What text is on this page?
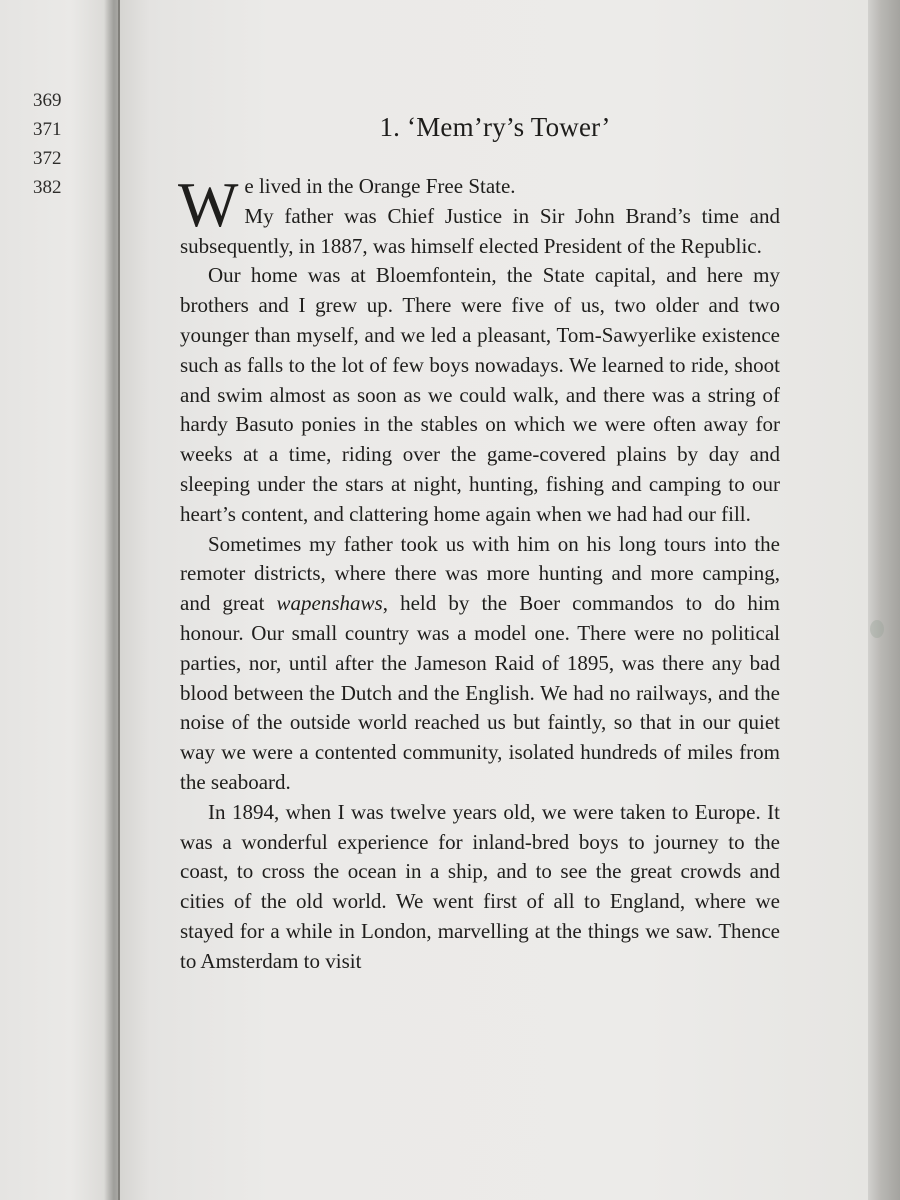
369
371
372
382
1. ‘Mem’ry’s Tower’

W e lived in the Orange Free State.
My father was Chief Justice in Sir John Brand’s time and subsequently, in 1887, was himself elected President of the Republic.

Our home was at Bloemfontein, the State capital, and here my brothers and I grew up. There were five of us, two older and two younger than myself, and we led a pleasant, Tom-Sawyerlike existence such as falls to the lot of few boys nowadays. We learned to ride, shoot and swim almost as soon as we could walk, and there was a string of hardy Basuto ponies in the stables on which we were often away for weeks at a time, riding over the game-covered plains by day and sleeping under the stars at night, hunting, fishing and camping to our heart’s content, and clattering home again when we had had our fill.

Sometimes my father took us with him on his long tours into the remoter districts, where there was more hunting and more camping, and great wapenshaws, held by the Boer commandos to do him honour. Our small country was a model one. There were no political parties, nor, until after the Jameson Raid of 1895, was there any bad blood between the Dutch and the English. We had no railways, and the noise of the outside world reached us but faintly, so that in our quiet way we were a contented community, isolated hundreds of miles from the seaboard.

In 1894, when I was twelve years old, we were taken to Europe. It was a wonderful experience for inland-bred boys to journey to the coast, to cross the ocean in a ship, and to see the great crowds and cities of the old world. We went first of all to England, where we stayed for a while in London, marvelling at the things we saw. Thence to Amsterdam to visit
